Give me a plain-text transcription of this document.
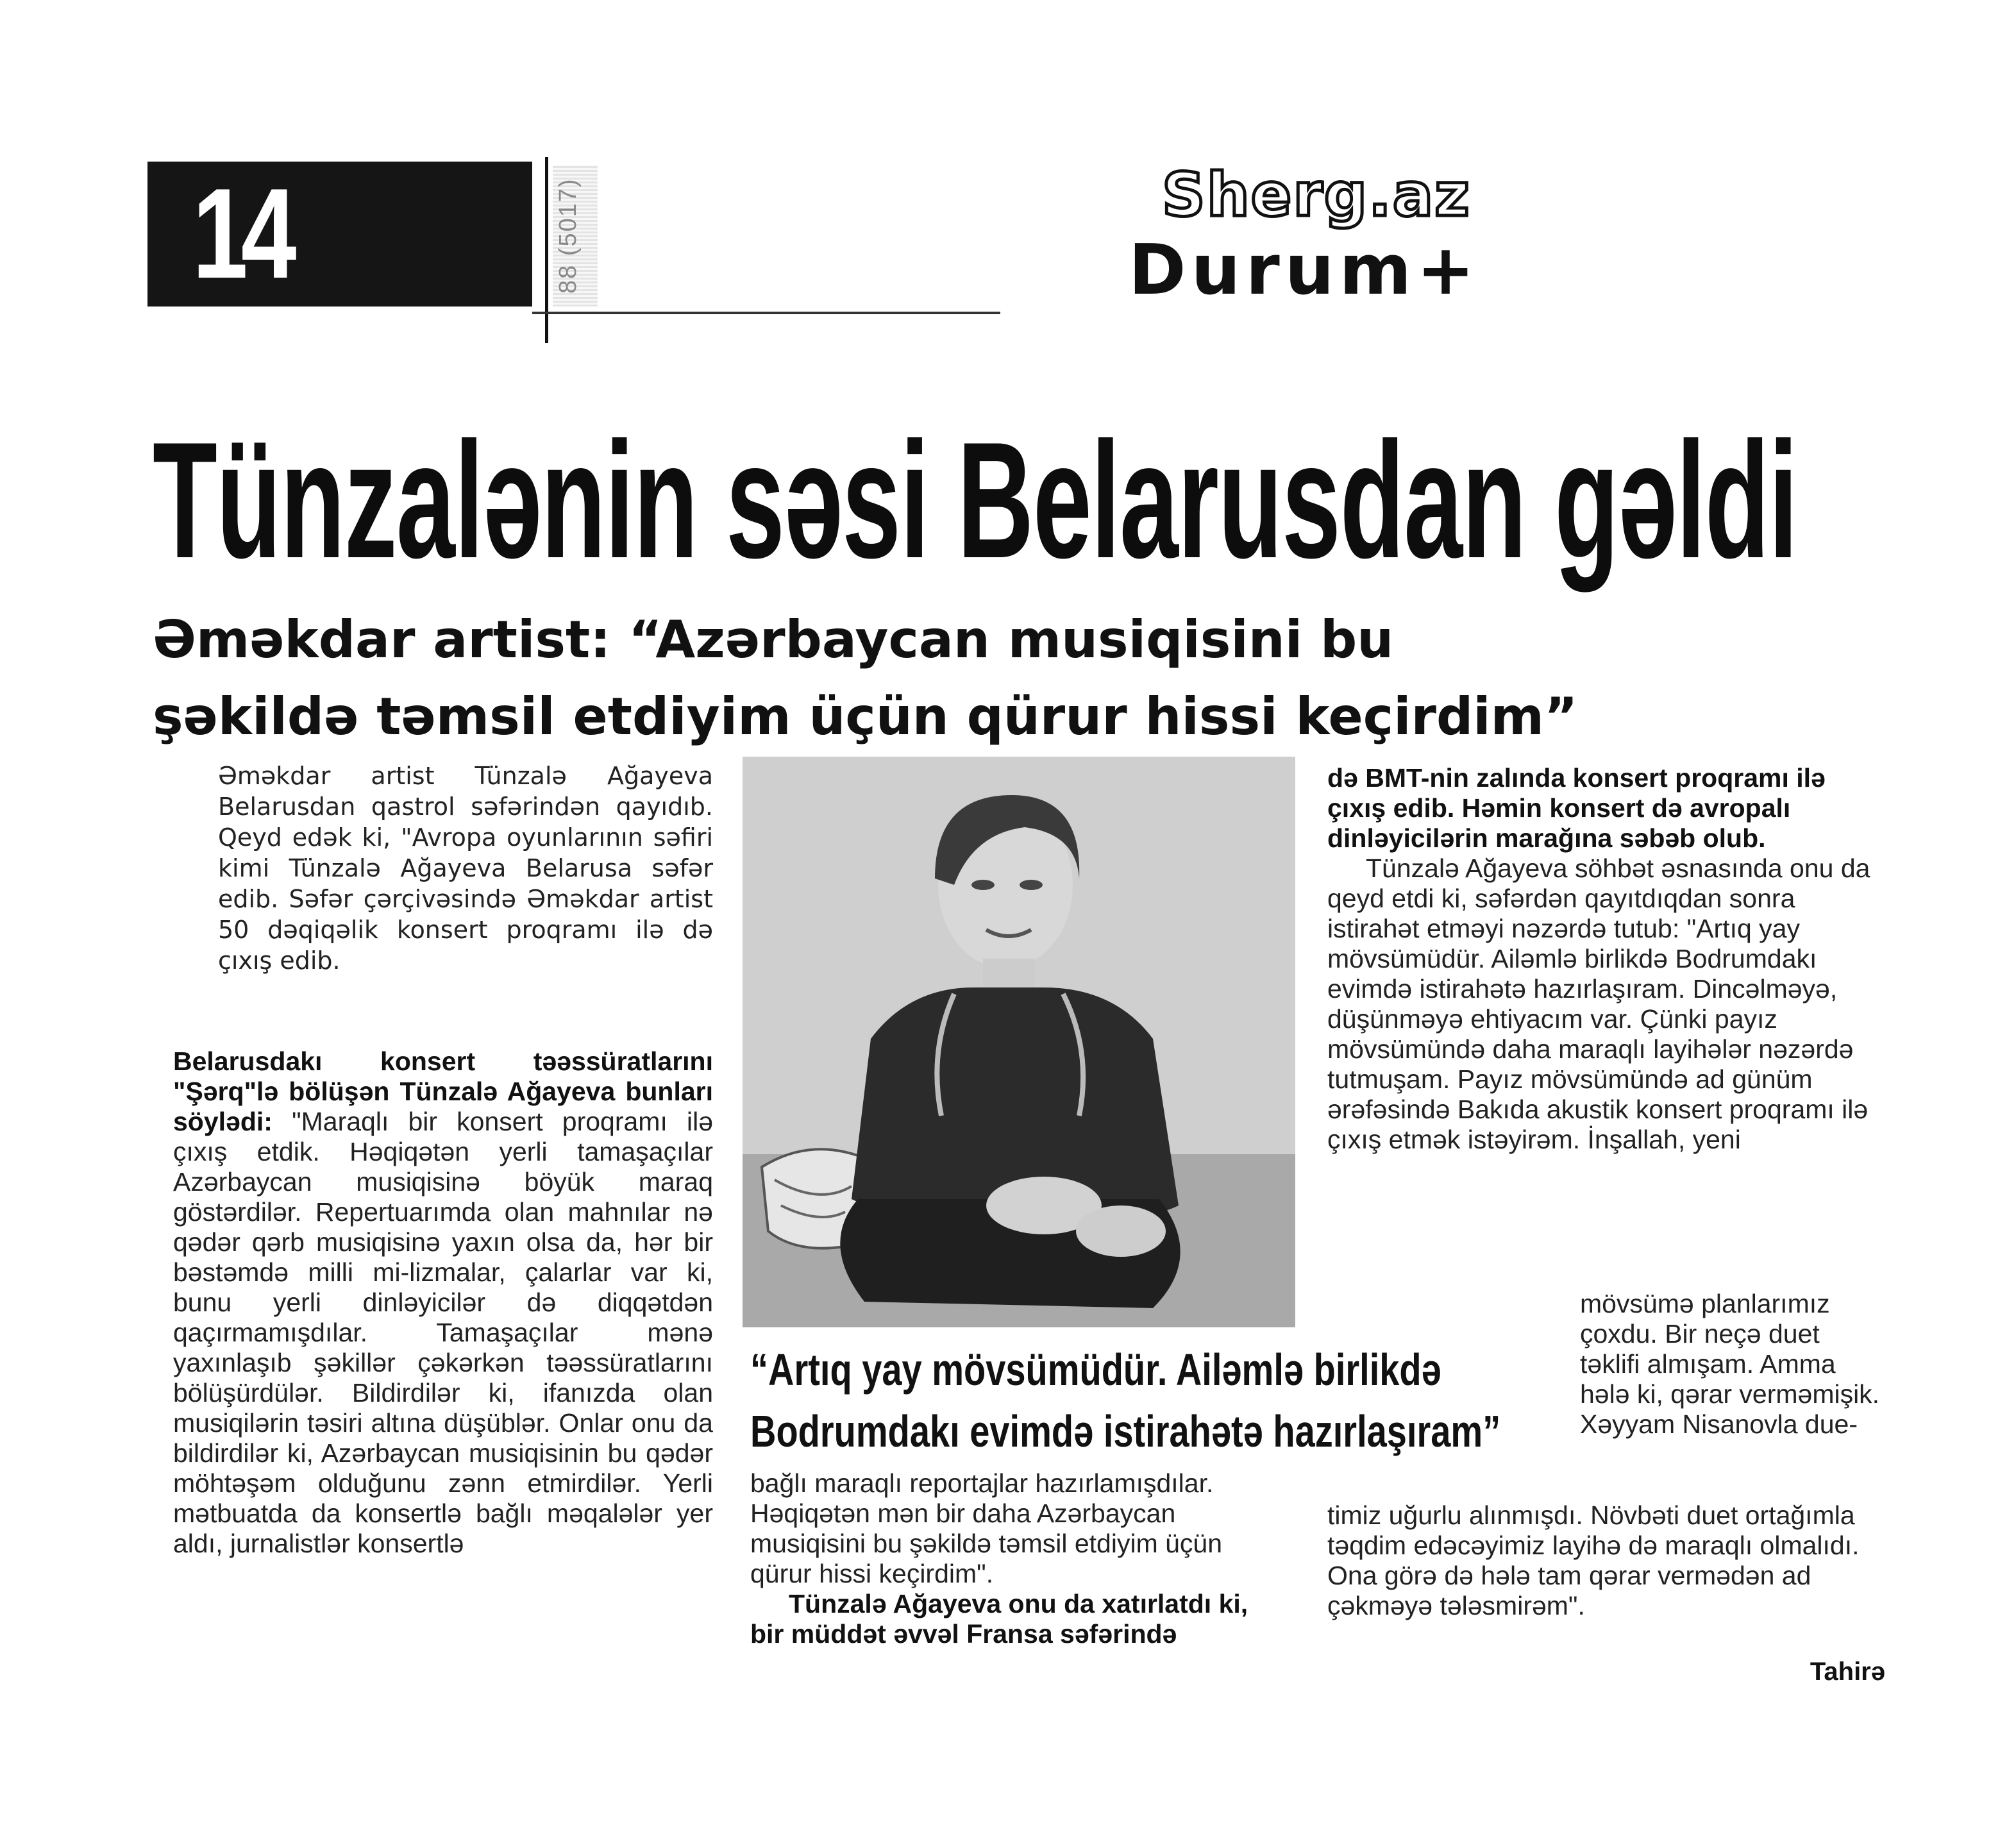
14	88 (5017)	Sherg.az
Durum+
Tünzalənin səsi Belarusdan gəldi
Əməkdar artist: “Azərbaycan musiqisini bu
şəkildə təmsil etdiyim üçün qürur hissi keçirdim”
Əməkdar artist Tünzalə Ağayeva Belarusdan qastrol səfərindən qayıdıb. Qeyd edək ki, "Avropa oyunlarının səfiri kimi Tünzalə Ağayeva Belarusa səfər edib. Səfər çərçivəsində Əməkdar artist 50 dəqiqəlik konsert proqramı ilə də çıxış edib.

Belarusdakı konsert təəssüratlarını "Şərq"lə bölüşən Tünzalə Ağayeva bunları söylədi: "Maraqlı bir konsert proqramı ilə çıxış etdik. Həqiqətən yerli tamaşaçılar Azərbaycan musiqisinə böyük maraq göstərdilər. Repertuarımda olan mahnılar nə qədər qərb musiqisinə yaxın olsa da, hər bir bəstəmdə milli mi-lizmalar, çalarlar var ki, bunu yerli dinləyicilər də diqqətdən qaçırmamışdılar. Tamaşaçılar mənə yaxınlaşıb şəkillər çəkərkən təəssüratlarını bölüşürdülər. Bildirdilər ki, ifanızda olan musiqilərin təsiri altına düşüblər. Onlar onu da bildirdilər ki, Azərbaycan musiqisinin bu qədər möhtəşəm olduğunu zənn etmirdilər. Yerli mətbuatda da konsertlə bağlı məqalələr yer aldı, jurnalistlər konsertlə

“Artıq yay mövsümüdür. Ailəmlə birlikdə
Bodrumdakı evimdə istirahətə hazırlaşıram”

bağlı maraqlı reportajlar hazırlamışdılar. Həqiqətən mən bir daha Azərbaycan musiqisini bu şəkildə təmsil etdiyim üçün qürur hissi keçirdim".

Tünzalə Ağayeva onu da xatırlatdı ki, bir müddət əvvəl Fransa səfərində

də BMT-nin zalında konsert proqramı ilə çıxış edib. Həmin konsert də avropalı dinləyicilərin marağına səbəb olub.

Tünzalə Ağayeva söhbət əsnasında onu da qeyd etdi ki, səfərdən qayıtdıqdan sonra istirahət etməyi nəzərdə tutub: "Artıq yay mövsümüdür. Ailəmlə birlikdə Bodrumdakı evimdə istirahətə hazırlaşıram. Dincəlməyə, düşünməyə ehtiyacım var. Çünki payız mövsümündə daha maraqlı layihələr nəzərdə tutmuşam. Payız mövsümündə ad günüm ərəfəsində Bakıda akustik konsert proqramı ilə çıxış etmək istəyirəm. İnşallah, yeni

mövsümə planlarımız çoxdu. Bir neçə duet təklifi almışam. Amma hələ ki, qərar verməmişik. Xəyyam Nisanovla due-
timiz uğurlu alınmışdı. Növbəti duet ortağımla təqdim edəcəyimiz layihə də maraqlı olmalıdı. Ona görə də hələ tam qərar vermədən ad çəkməyə tələsmirəm".
Tahirə
